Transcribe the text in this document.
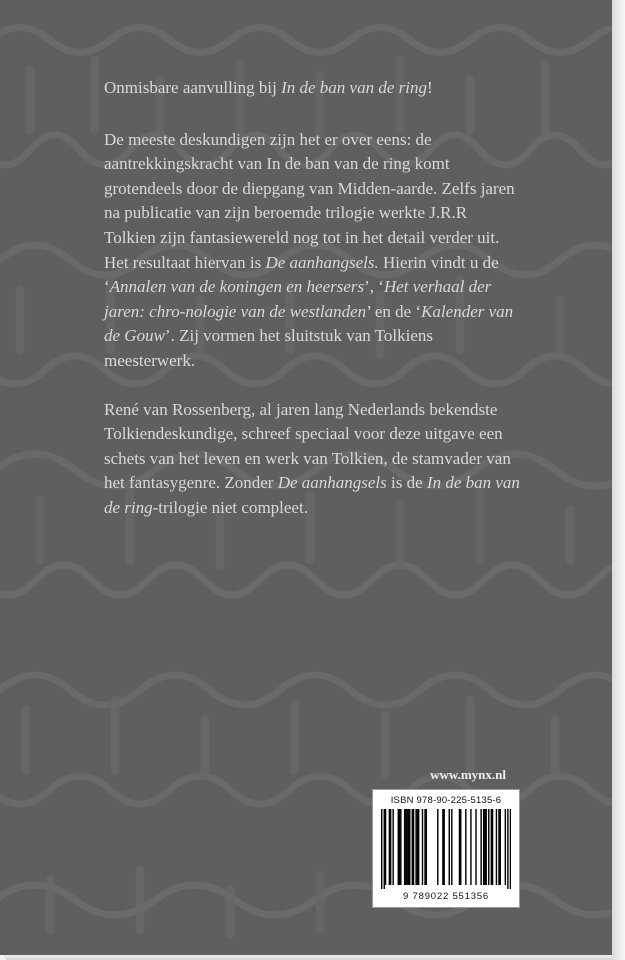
Onmisbare aanvulling bij In de ban van de ring!

De meeste deskundigen zijn het er over eens: de aantrekkingskracht van In de ban van de ring komt grotendeels door de diepgang van Midden-aarde. Zelfs jaren na publicatie van zijn beroemde trilogie werkte J.R.R Tolkien zijn fantasiewereld nog tot in het detail verder uit. Het resultaat hiervan is De aanhangsels. Hierin vindt u de ‘Annalen van de koningen en heersers’, ‘Het verhaal der jaren: chro-nologie van de westlanden’ en de ‘Kalender van de Gouw’. Zij vormen het sluitstuk van Tolkiens meesterwerk.

René van Rossenberg, al jaren lang Nederlands bekendste Tolkiendeskundige, schreef speciaal voor deze uitgave een schets van het leven en werk van Tolkien, de stamvader van het fantasygenre. Zonder De aanhangsels is de In de ban van de ring-trilogie niet compleet.

www.mynx.nl
ISBN 978-90-225-5135-6
9 789022 551356
